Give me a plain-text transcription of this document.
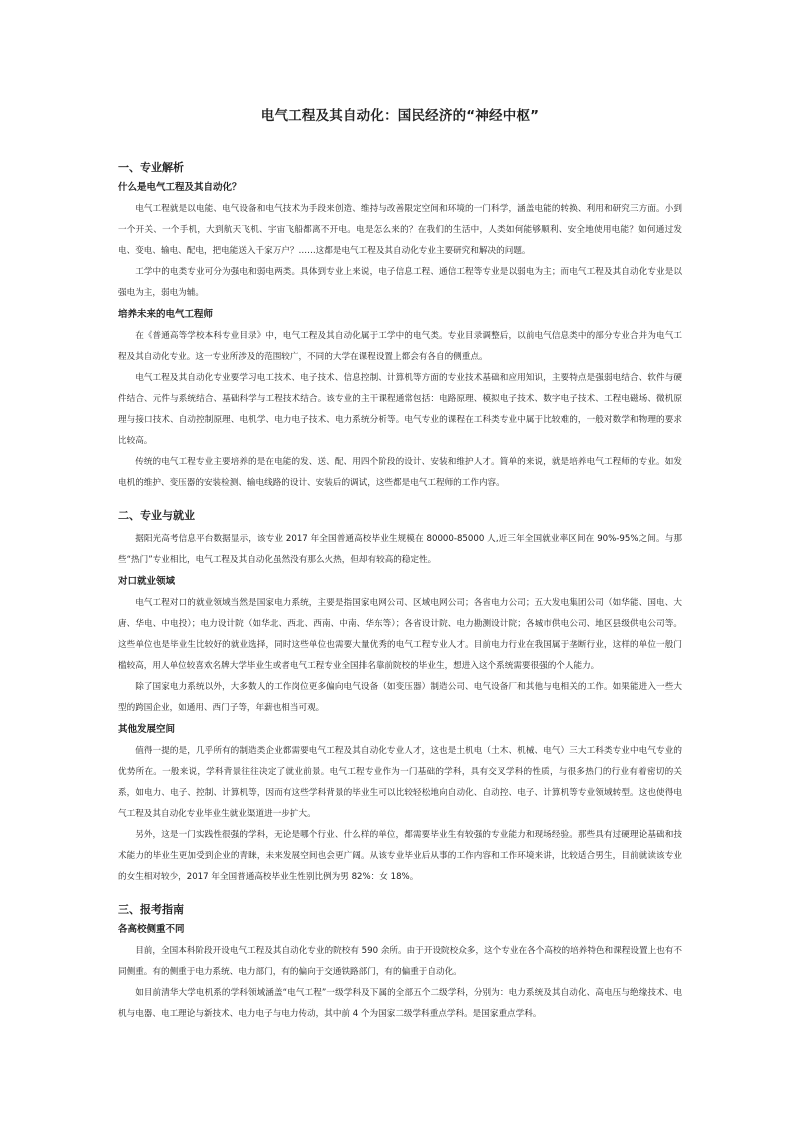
电气工程及其自动化：国民经济的“神经中枢”
一、专业解析
什么是电气工程及其自动化？

电气工程就是以电能、电气设备和电气技术为手段来创造、维持与改善限定空间和环境的一门科学，涵盖电能的转换、利用和研究三方面。小到一个开关、一个手机，大到航天飞机、宇宙飞船都离不开电。电是怎么来的？在我们的生活中，人类如何能够顺利、安全地使用电能？如何通过发电、变电、输电、配电，把电能送入千家万户？……这都是电气工程及其自动化专业主要研究和解决的问题。

工学中的电类专业可分为强电和弱电两类。具体到专业上来说，电子信息工程、通信工程等专业是以弱电为主；而电气工程及其自动化专业是以强电为主，弱电为辅。

培养未来的电气工程师

在《普通高等学校本科专业目录》中，电气工程及其自动化属于工学中的电气类。专业目录调整后，以前电气信息类中的部分专业合并为电气工程及其自动化专业。这一专业所涉及的范围较广，不同的大学在课程设置上都会有各自的侧重点。

电气工程及其自动化专业要学习电工技术、电子技术、信息控制、计算机等方面的专业技术基础和应用知识，主要特点是强弱电结合、软件与硬件结合、元件与系统结合、基础科学与工程技术结合。该专业的主干课程通常包括：电路原理、模拟电子技术、数字电子技术、工程电磁场、微机原理与接口技术、自动控制原理、电机学、电力电子技术、电力系统分析等。电气专业的课程在工科类专业中属于比较难的，一般对数学和物理的要求比较高。

传统的电气工程专业主要培养的是在电能的发、送、配、用四个阶段的设计、安装和维护人才。简单的来说，就是培养电气工程师的专业。如发电机的维护、变压器的安装检测、输电线路的设计、安装后的调试，这些都是电气工程师的工作内容。

二、专业与就业

据阳光高考信息平台数据显示，该专业 2017 年全国普通高校毕业生规模在 80000-85000 人,近三年全国就业率区间在 90%-95%之间。与那些“热门”专业相比，电气工程及其自动化虽然没有那么火热，但却有较高的稳定性。

对口就业领域

电气工程对口的就业领域当然是国家电力系统，主要是指国家电网公司、区域电网公司；各省电力公司；五大发电集团公司（如华能、国电、大唐、华电、中电投）；电力设计院（如华北、西北、西南、中南、华东等）；各省设计院、电力勘测设计院；各城市供电公司、地区县级供电公司等。这些单位也是毕业生比较好的就业选择，同时这些单位也需要大量优秀的电气工程专业人才。目前电力行业在我国属于垄断行业，这样的单位一般门槛较高，用人单位较喜欢名牌大学毕业生或者电气工程专业全国排名靠前院校的毕业生，想进入这个系统需要很强的个人能力。

除了国家电力系统以外，大多数人的工作岗位更多偏向电气设备（如变压器）制造公司、电气设备厂和其他与电相关的工作。如果能进入一些大型的跨国企业，如通用、西门子等，年薪也相当可观。

其他发展空间

值得一提的是，几乎所有的制造类企业都需要电气工程及其自动化专业人才，这也是土机电（土木、机械、电气）三大工科类专业中电气专业的优势所在。一般来说，学科背景往往决定了就业前景。电气工程专业作为一门基础的学科，具有交叉学科的性质，与很多热门的行业有着密切的关系，如电力、电子、控制、计算机等，因而有这些学科背景的毕业生可以比较轻松地向自动化、自动控、电子、计算机等专业领域转型。这也使得电气工程及其自动化专业毕业生就业渠道进一步扩大。

另外，这是一门实践性很强的学科，无论是哪个行业、什么样的单位，都需要毕业生有较强的专业能力和现场经验。那些具有过硬理论基础和技术能力的毕业生更加受到企业的青睐，未来发展空间也会更广阔。从该专业毕业后从事的工作内容和工作环境来讲，比较适合男生，目前就读该专业的女生相对较少，2017 年全国普通高校毕业生性别比例为男 82%：女 18%。

三、报考指南
各高校侧重不同

目前，全国本科阶段开设电气工程及其自动化专业的院校有 590 余所。由于开设院校众多，这个专业在各个高校的培养特色和课程设置上也有不同侧重。有的侧重于电力系统、电力部门，有的偏向于交通铁路部门，有的偏重于自动化。

如目前清华大学电机系的学科领域涵盖“电气工程”一级学科及下属的全部五个二级学科，分别为：电力系统及其自动化、高电压与绝缘技术、电机与电器、电工理论与新技术、电力电子与电力传动，其中前 4 个为国家二级学科重点学科。是国家重点学科。
